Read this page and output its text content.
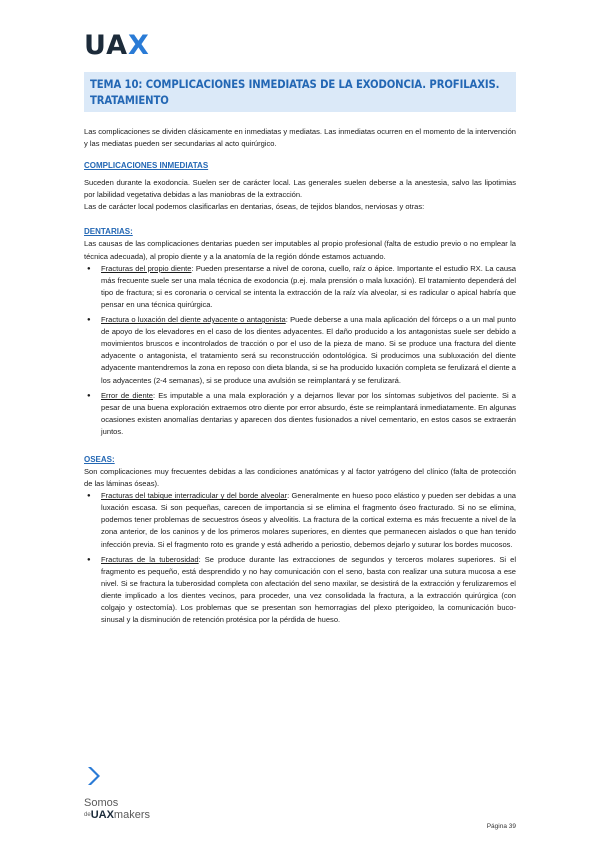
UAX
TEMA 10: COMPLICACIONES INMEDIATAS DE LA EXODONCIA. PROFILAXIS. TRATAMIENTO

Las complicaciones se dividen clásicamente en inmediatas y mediatas. Las inmediatas ocurren en el momento de la intervención y las mediatas pueden ser secundarias al acto quirúrgico.

COMPLICACIONES INMEDIATAS

Suceden durante la exodoncia. Suelen ser de carácter local. Las generales suelen deberse a la anestesia, salvo las lipotimias por labilidad vegetativa debidas a las maniobras de la extracción.

Las de carácter local podemos clasificarlas en dentarias, óseas, de tejidos blandos, nerviosas y otras:

DENTARIAS:

Las causas de las complicaciones dentarias pueden ser imputables al propio profesional (falta de estudio previo o no emplear la técnica adecuada), al propio diente y a la anatomía de la región dónde estamos actuando.

● Fracturas del propio diente: Pueden presentarse a nivel de corona, cuello, raíz o ápice. Importante el estudio RX. La causa más frecuente suele ser una mala técnica de exodoncia (p.ej. mala prensión o mala luxación). El tratamiento dependerá del tipo de fractura; si es coronaria o cervical se intenta la extracción de la raíz vía alveolar, si es radicular o apical habría que pensar en una técnica quirúrgica.
● Fractura o luxación del diente adyacente o antagonista: Puede deberse a una mala aplicación del fórceps o a un mal punto de apoyo de los elevadores en el caso de los dientes adyacentes. El daño producido a los antagonistas suele ser debido a movimientos bruscos e incontrolados de tracción o por el uso de la pieza de mano. Si se produce una fractura del diente adyacente o antagonista, el tratamiento será su reconstrucción odontológica. Si producimos una subluxación del diente adyacente mantendremos la zona en reposo con dieta blanda, si se ha producido luxación completa se ferulizará el diente a los adyacentes (2-4 semanas), si se produce una avulsión se reimplantará y se ferulizará.
● Error de diente: Es imputable a una mala exploración y a dejarnos llevar por los síntomas subjetivos del paciente. Si a pesar de una buena exploración extraemos otro diente por error absurdo, éste se reimplantará inmediatamente. En algunas ocasiones existen anomalías dentarias y aparecen dos dientes fusionados a nivel cementario, en estos casos se extraerán juntos.

OSEAS:

Son complicaciones muy frecuentes debidas a las condiciones anatómicas y al factor yatrógeno del clínico (falta de protección de las láminas óseas).

● Fracturas del tabique interradicular y del borde alveolar: Generalmente en hueso poco elástico y pueden ser debidas a una luxación escasa. Si son pequeñas, carecen de importancia si se elimina el fragmento óseo fracturado. Si no se elimina, podemos tener problemas de secuestros óseos y alveolitis. La fractura de la cortical externa es más frecuente a nivel de la zona anterior, de los caninos y de los primeros molares superiores, en dientes que permanecen aislados o que han tenido infección previa. Si el fragmento roto es grande y está adherido a periostio, debemos dejarlo y suturar los bordes mucosos.
● Fracturas de la tuberosidad: Se produce durante las extracciones de segundos y terceros molares superiores. Si el fragmento es pequeño, está desprendido y no hay comunicación con el seno, basta con realizar una sutura mucosa a ese nivel. Si se fractura la tuberosidad completa con afectación del seno maxilar, se desistirá de la extracción y ferulizaremos el diente implicado a los dientes vecinos, para proceder, una vez consolidada la fractura, a la extracción quirúrgica (con colgajo y ostectomía). Los problemas que se presentan son hemorragias del plexo pterigoideo, la comunicación buco-sinusal y la disminución de retención protésica por la pérdida de hueso.
Somos
$^{de}$UAXmakers
Página 39
